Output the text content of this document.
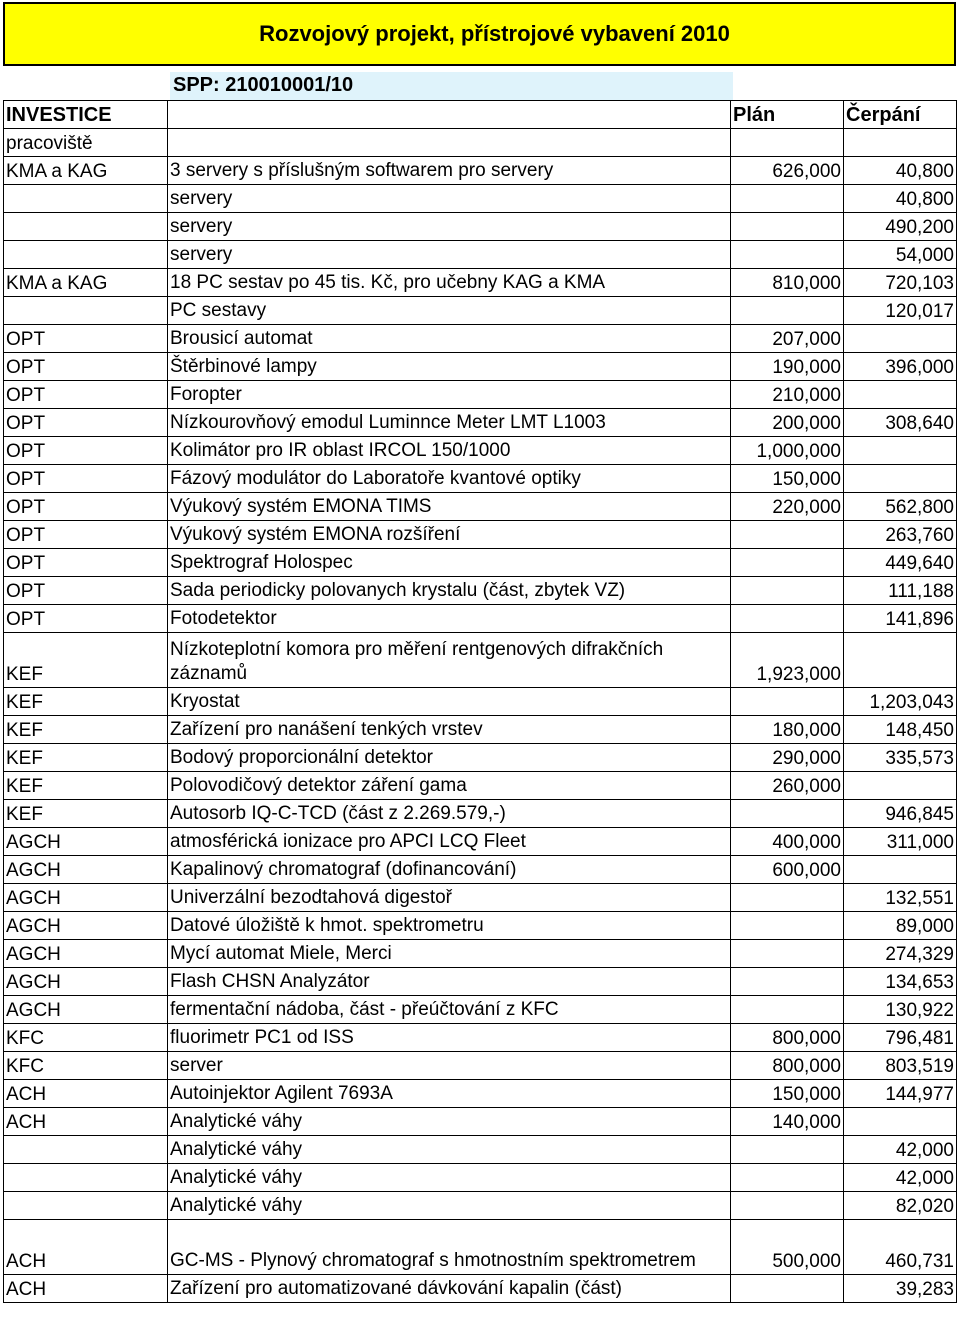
Rozvojový projekt, přístrojové vybavení 2010
SPP: 210010001/10
INVESTICE		Plán	Čerpání
pracoviště			
KMA a KAG	3 servery s příslušným softwarem pro servery	626,000	40,800
	servery		40,800
	servery		490,200
	servery		54,000
KMA a KAG	18 PC sestav po 45 tis. Kč, pro učebny KAG a KMA	810,000	720,103
	PC sestavy		120,017
OPT	Brousicí automat	207,000	
OPT	Štěrbinové lampy	190,000	396,000
OPT	Foropter	210,000	
OPT	Nízkourovňový emodul Luminnce Meter LMT L1003	200,000	308,640
OPT	Kolimátor pro IR oblast IRCOL 150/1000	1,000,000	
OPT	Fázový modulátor do Laboratoře kvantové optiky	150,000	
OPT	Výukový systém EMONA TIMS	220,000	562,800
OPT	Výukový systém EMONA rozšíření		263,760
OPT	Spektrograf Holospec		449,640
OPT	Sada periodicky polovanych krystalu (část, zbytek VZ)		111,188
OPT	Fotodetektor		141,896
KEF	Nízkoteplotní komora pro měření rentgenových difrakčních záznamů	1,923,000	
KEF	Kryostat		1,203,043
KEF	Zařízení pro nanášení tenkých vrstev	180,000	148,450
KEF	Bodový proporcionální detektor	290,000	335,573
KEF	Polovodičový detektor záření gama	260,000	
KEF	Autosorb IQ-C-TCD (část z 2.269.579,-)		946,845
AGCH	atmosférická ionizace pro APCI LCQ Fleet	400,000	311,000
AGCH	Kapalinový chromatograf (dofinancování)	600,000	
AGCH	Univerzální bezodtahová digestoř		132,551
AGCH	Datové úložiště k hmot. spektrometru		89,000
AGCH	Mycí automat Miele, Merci		274,329
AGCH	Flash CHSN Analyzátor		134,653
AGCH	fermentační nádoba, část - přeúčtování z KFC		130,922
KFC	fluorimetr PC1 od ISS	800,000	796,481
KFC	server	800,000	803,519
ACH	Autoinjektor Agilent 7693A	150,000	144,977
ACH	Analytické váhy	140,000	
	Analytické váhy		42,000
	Analytické váhy		42,000
	Analytické váhy		82,020
ACH	GC-MS - Plynový chromatograf s hmotnostním spektrometrem	500,000	460,731
ACH	Zařízení pro automatizované dávkování kapalin (část)		39,283
